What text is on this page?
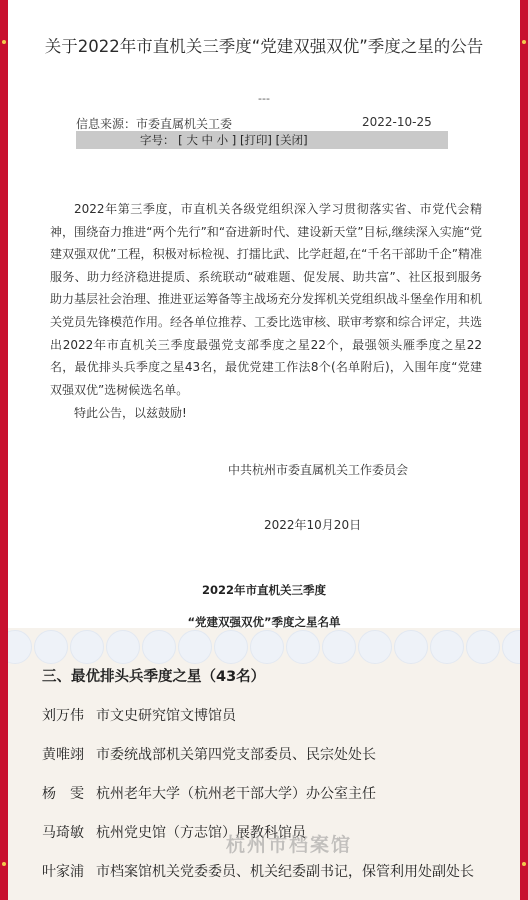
关于2022年市直机关三季度“党建双强双优”季度之星的公告
---
信息来源：市委直属机关工委	2022-10-25
字号： [ 大 中 小 ] [打印] [关闭]

2022年第三季度，市直机关各级党组织深入学习贯彻落实省、市党代会精神，围绕奋力推进“两个先行”和“奋进新时代、建设新天堂”目标,继续深入实施“党建双强双优”工程，积极对标检视、打擂比武、比学赶超,在“千名干部助千企”精准服务、助力经济稳进提质、系统联动“破难题、促发展、助共富”、社区报到服务助力基层社会治理、推进亚运筹备等主战场充分发挥机关党组织战斗堡垒作用和机关党员先锋模范作用。经各单位推荐、工委比选审核、联审考察和综合评定，共选出2022年市直机关三季度最强党支部季度之星22个，最强领头雁季度之星22名，最优排头兵季度之星43名，最优党建工作法8个(名单附后)，入围年度“党建双强双优”选树候选名单。

特此公告，以兹鼓励!
中共杭州市委直属机关工作委员会
2022年10月20日
2022年市直机关三季度
“党建双强双优”季度之星名单
三、最优排头兵季度之星（43名）
刘万伟 市文史研究馆文博馆员
黄唯翊 市委统战部机关第四党支部委员、民宗处处长
杨　雯 杭州老年大学（杭州老干部大学）办公室主任
马琦敏 杭州党史馆（方志馆）展教科馆员
叶家浦 市档案馆机关党委委员、机关纪委副书记，保管利用处副处长
杭州市档案馆
